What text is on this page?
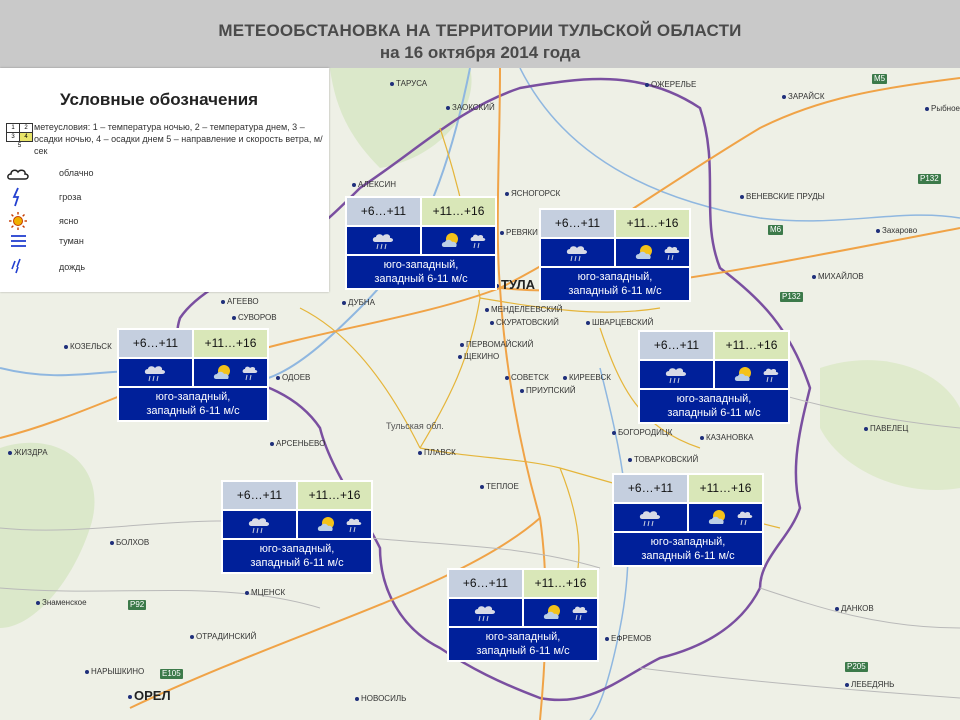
МЕТЕООБСТАНОВКА НА ТЕРРИТОРИИ ТУЛЬСКОЙ ОБЛАСТИ
на 16 октября 2014 года
ТАРУСА
ЗАОКСКИЙ
ОЖЕРЕЛЬЕ
ЗАРАЙСК
АЛЕКСИН
ЯСНОГОРСК	ВЕНЕВСКИЕ ПРУДЫ
Захарово
ТУЛА
РЕВЯКИ
ДУБНА
СУВОРОВ
КОЗЕЛЬСК
ОДОЕВ
АРСЕНЬЕВО
МЕНДЕЛЕЕВСКИЙ
СКУРАТОВСКИЙ	ШВАРЦЕВСКИЙ
ПЕРВОМАЙСКИЙ
ЩЕКИНО
СОВЕТСК
ПРИУПСКИЙ
КИРЕЕВСК
БОГОРОДИЦК
КАЗАНОВКА
ТОВАРКОВСКИЙ
ПЛАВСК
ТЕПЛОЕ
БОЛХОВ
МЦЕНСК
ОТРАДИНСКИЙ
НАРЫШКИНО
ОРЕЛ	НОВОСИЛЬ
ЕФРЕМОВ
ДАНКОВ
ЛЕБЕДЯНЬ
МИХАЙЛОВ
ПАВЕЛЕЦ
ЖИЗДРА
Знаменское
Рыбное
АГЕЕВО
Тульская обл.
M5
P132
M6
P132
E105
P92
P205
Условные обозначения
1	2
3	4
5
метеусловия: 1 – температура ночью, 2 – температура днем, 3 – осадки ночью, 4 – осадки днем 5 – направление и скорость ветра, м/сек
облачно
гроза
ясно
туман
дождь
+6…+11	+11…+16
юго-западный,
западный 6-11 м/с
+6…+11	+11…+16
юго-западный,
западный 6-11 м/с
+6…+11	+11…+16
юго-западный,
западный 6-11 м/с
+6…+11	+11…+16
юго-западный,
западный 6-11 м/с
+6…+11	+11…+16
юго-западный,
западный 6-11 м/с
+6…+11	+11…+16
юго-западный,
западный 6-11 м/с
+6…+11	+11…+16
юго-западный,
западный 6-11 м/с
